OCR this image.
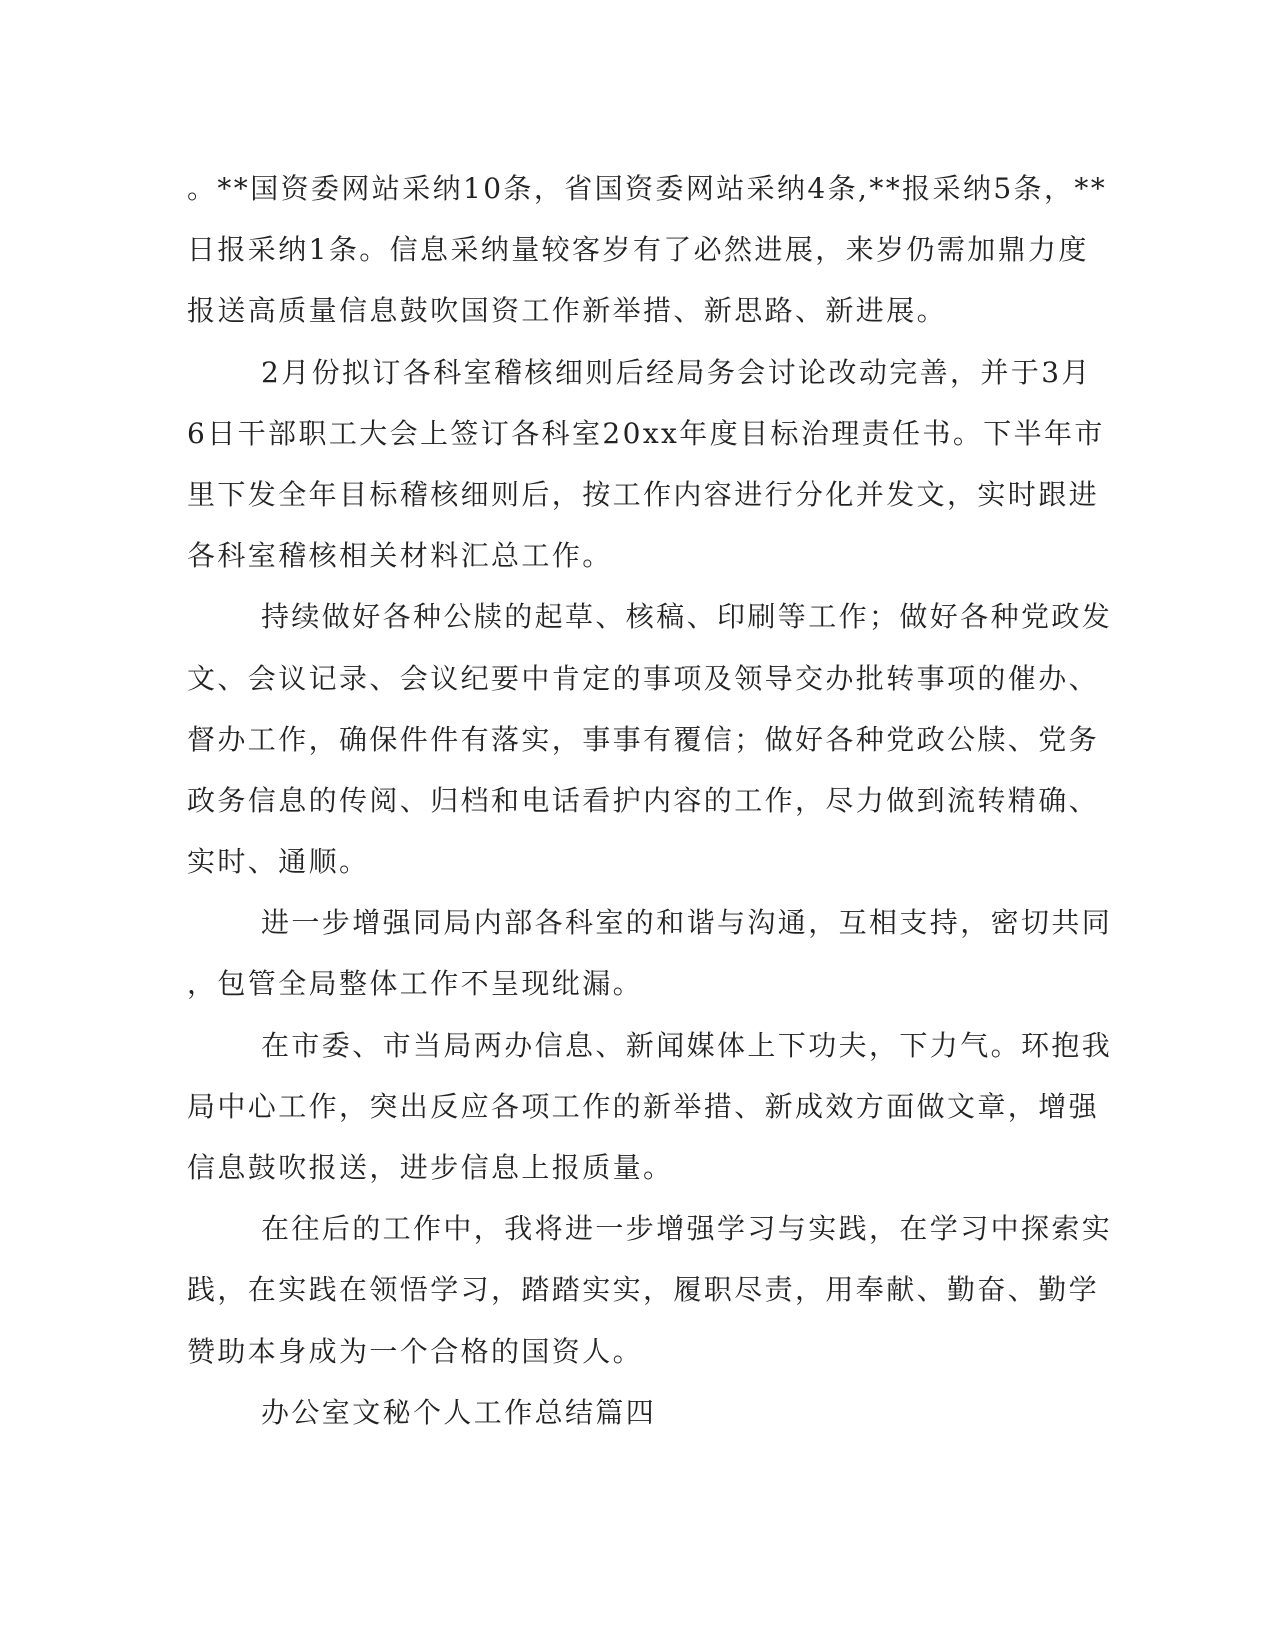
。**国资委网站采纳10条，省国资委网站采纳4条,**报采纳5条，**
日报采纳1条。信息采纳量较客岁有了必然进展，来岁仍需加鼎力度
报送高质量信息鼓吹国资工作新举措、新思路、新进展。
2月份拟订各科室稽核细则后经局务会讨论改动完善，并于3月
6日干部职工大会上签订各科室20xx年度目标治理责任书。下半年市
里下发全年目标稽核细则后，按工作内容进行分化并发文，实时跟进
各科室稽核相关材料汇总工作。
持续做好各种公牍的起草、核稿、印刷等工作；做好各种党政发
文、会议记录、会议纪要中肯定的事项及领导交办批转事项的催办、
督办工作，确保件件有落实，事事有覆信；做好各种党政公牍、党务
政务信息的传阅、归档和电话看护内容的工作，尽力做到流转精确、
实时、通顺。
进一步增强同局内部各科室的和谐与沟通，互相支持，密切共同
，包管全局整体工作不呈现纰漏。
在市委、市当局两办信息、新闻媒体上下功夫，下力气。环抱我
局中心工作，突出反应各项工作的新举措、新成效方面做文章，增强
信息鼓吹报送，进步信息上报质量。
在往后的工作中，我将进一步增强学习与实践，在学习中探索实
践，在实践在领悟学习，踏踏实实，履职尽责，用奉献、勤奋、勤学
赞助本身成为一个合格的国资人。
办公室文秘个人工作总结篇四
